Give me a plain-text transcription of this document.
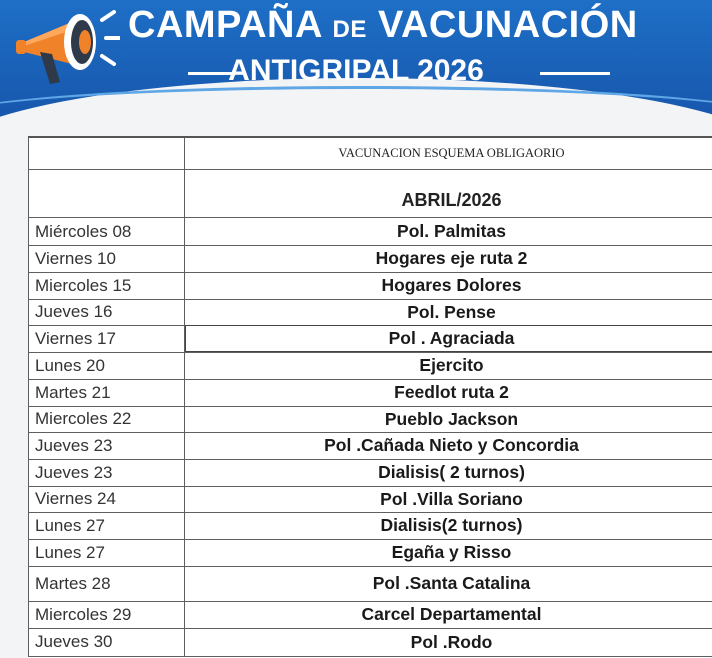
CAMPAÑA DE VACUNACIÓN
ANTIGRIPAL 2026
VACUNACION ESQUEMA OBLIGAORIO
ABRIL/2026
Miércoles 08	Pol. Palmitas
Viernes 10	Hogares eje ruta 2
Miercoles 15	Hogares Dolores
Jueves 16	Pol. Pense
Viernes 17	Pol . Agraciada
Lunes 20	Ejercito
Martes 21	Feedlot ruta 2
Miercoles 22	Pueblo Jackson
Jueves 23	Pol .Cañada Nieto y Concordia
Jueves 23	Dialisis( 2 turnos)
Viernes 24	Pol .Villa Soriano
Lunes 27	Dialisis(2 turnos)
Lunes 27	Egaña y Risso
Martes 28	Pol .Santa Catalina
Miercoles 29	Carcel Departamental
Jueves 30	Pol .Rodo
